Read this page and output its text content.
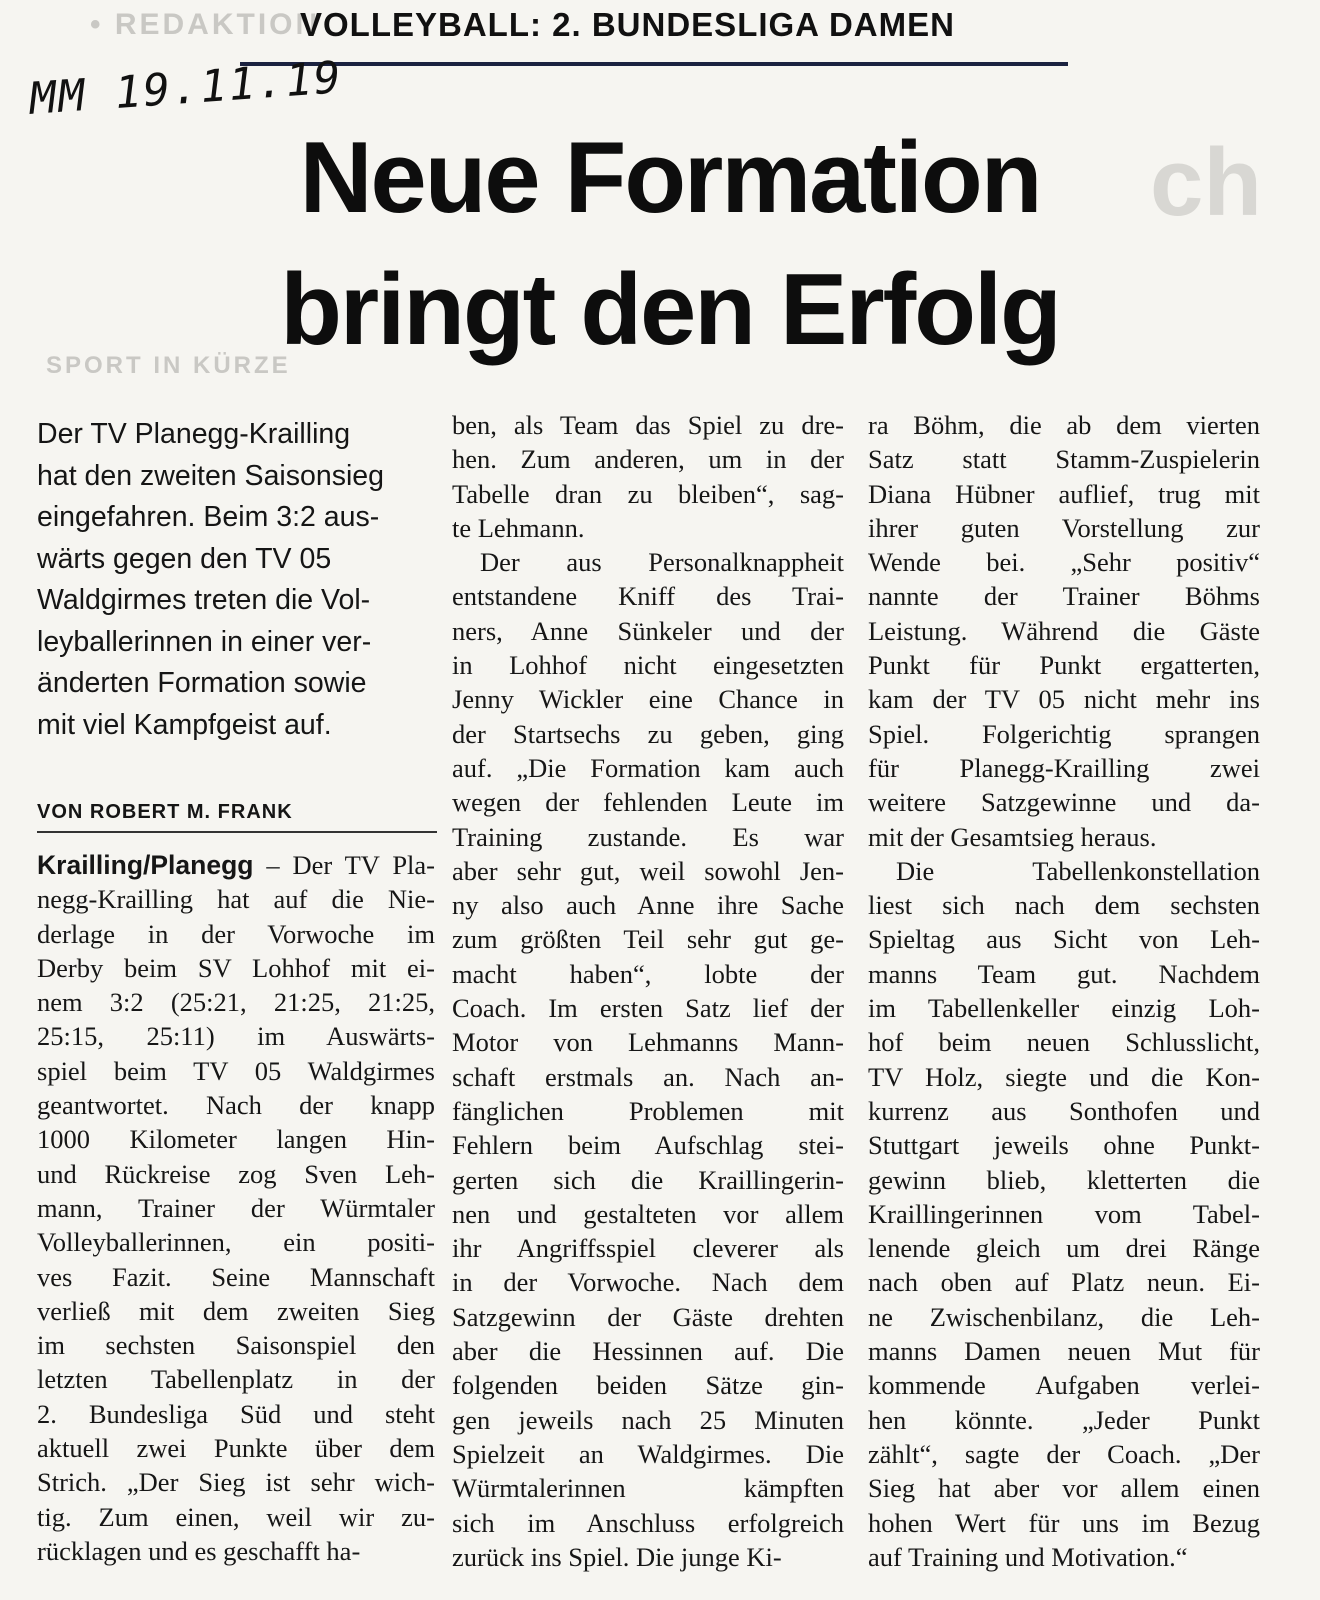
• REDAKTION
SPORT IN KÜRZE
ch
VOLLEYBALL: 2. BUNDESLIGA DAMEN
MM 19.11.19
Neue Formation
bringt den Erfolg
Der TV Planegg-Krailling
hat den zweiten Saisonsieg
eingefahren. Beim 3:2 aus-
wärts gegen den TV 05
Waldgirmes treten die Vol-
leyballerinnen in einer ver-
änderten Formation sowie
mit viel Kampfgeist auf.
VON ROBERT M. FRANK
Krailling/Planegg – Der TV Pla-
negg-Krailling hat auf die Nie-
derlage in der Vorwoche im
Derby beim SV Lohhof mit ei-
nem 3:2 (25:21, 21:25, 21:25,
25:15, 25:11) im Auswärts-
spiel beim TV 05 Waldgirmes
geantwortet. Nach der knapp
1000 Kilometer langen Hin-
und Rückreise zog Sven Leh-
mann, Trainer der Würmtaler
Volleyballerinnen, ein positi-
ves Fazit. Seine Mannschaft
verließ mit dem zweiten Sieg
im sechsten Saisonspiel den
letzten Tabellenplatz in der
2. Bundesliga Süd und steht
aktuell zwei Punkte über dem
Strich. „Der Sieg ist sehr wich-
tig. Zum einen, weil wir zu-
rücklagen und es geschafft ha-
ben, als Team das Spiel zu dre-
hen. Zum anderen, um in der
Tabelle dran zu bleiben“, sag-
te Lehmann.
Der aus Personalknappheit
entstandene Kniff des Trai-
ners, Anne Sünkeler und der
in Lohhof nicht eingesetzten
Jenny Wickler eine Chance in
der Startsechs zu geben, ging
auf. „Die Formation kam auch
wegen der fehlenden Leute im
Training zustande. Es war
aber sehr gut, weil sowohl Jen-
ny also auch Anne ihre Sache
zum größten Teil sehr gut ge-
macht haben“, lobte der
Coach. Im ersten Satz lief der
Motor von Lehmanns Mann-
schaft erstmals an. Nach an-
fänglichen Problemen mit
Fehlern beim Aufschlag stei-
gerten sich die Kraillingerin-
nen und gestalteten vor allem
ihr Angriffsspiel cleverer als
in der Vorwoche. Nach dem
Satzgewinn der Gäste drehten
aber die Hessinnen auf. Die
folgenden beiden Sätze gin-
gen jeweils nach 25 Minuten
Spielzeit an Waldgirmes. Die
Würmtalerinnen kämpften
sich im Anschluss erfolgreich
zurück ins Spiel. Die junge Ki-
ra Böhm, die ab dem vierten
Satz statt Stamm-Zuspielerin
Diana Hübner auflief, trug mit
ihrer guten Vorstellung zur
Wende bei. „Sehr positiv“
nannte der Trainer Böhms
Leistung. Während die Gäste
Punkt für Punkt ergatterten,
kam der TV 05 nicht mehr ins
Spiel. Folgerichtig sprangen
für Planegg-Krailling zwei
weitere Satzgewinne und da-
mit der Gesamtsieg heraus.
Die Tabellenkonstellation
liest sich nach dem sechsten
Spieltag aus Sicht von Leh-
manns Team gut. Nachdem
im Tabellenkeller einzig Loh-
hof beim neuen Schlusslicht,
TV Holz, siegte und die Kon-
kurrenz aus Sonthofen und
Stuttgart jeweils ohne Punkt-
gewinn blieb, kletterten die
Kraillingerinnen vom Tabel-
lenende gleich um drei Ränge
nach oben auf Platz neun. Ei-
ne Zwischenbilanz, die Leh-
manns Damen neuen Mut für
kommende Aufgaben verlei-
hen könnte. „Jeder Punkt
zählt“, sagte der Coach. „Der
Sieg hat aber vor allem einen
hohen Wert für uns im Bezug
auf Training und Motivation.“
